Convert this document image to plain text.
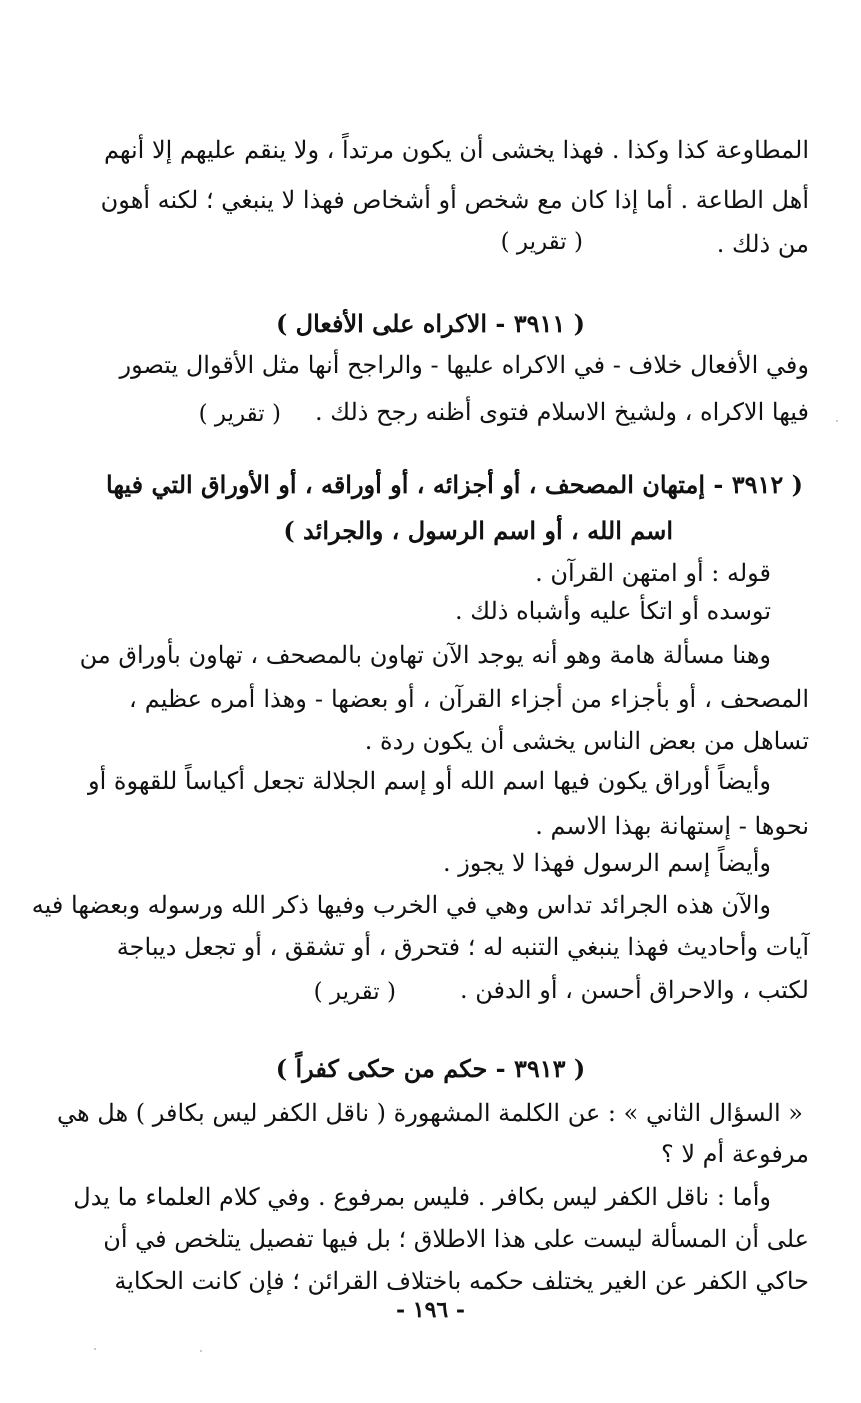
المطاوعة كذا وكذا . فهذا يخشى أن يكون مرتداً ، ولا ينقم عليهم إلا أنهم
أهل الطاعة . أما إذا كان مع شخص أو أشخاص فهذا لا ينبغي ؛ لكنه أهون
من ذلك .
( تقرير )
( ٣٩١١ - الاكراه على الأفعال )
وفي الأفعال خلاف - في الاكراه عليها - والراجح أنها مثل الأقوال يتصور
فيها الاكراه ، ولشيخ الاسلام فتوى أظنه رجح ذلك .
( تقرير )
( ٣٩١٢ - إمتهان المصحف ، أو أجزائه ، أو أوراقه ، أو الأوراق التي فيها
اسم الله ، أو اسم الرسول ، والجرائد )
قوله : أو امتهن القرآن .
توسده أو اتكأ عليه وأشباه ذلك .
وهنا مسألة هامة وهو أنه يوجد الآن تهاون بالمصحف ، تهاون بأوراق من
المصحف ، أو بأجزاء من أجزاء القرآن ، أو بعضها - وهذا أمره عظيم ،
تساهل من بعض الناس يخشى أن يكون ردة .
وأيضاً أوراق يكون فيها اسم الله أو إسم الجلالة تجعل أكياساً للقهوة أو
نحوها - إستهانة بهذا الاسم .
وأيضاً إسم الرسول فهذا لا يجوز .
والآن هذه الجرائد تداس وهي في الخرب وفيها ذكر الله ورسوله وبعضها فيه
آيات وأحاديث فهذا ينبغي التنبه له ؛ فتحرق ، أو تشقق ، أو تجعل ديباجة
لكتب ، والاحراق أحسن ، أو الدفن .
( تقرير )
( ٣٩١٣ - حكم من حكى كفراً )
« السؤال الثاني » : عن الكلمة المشهورة ( ناقل الكفر ليس بكافر ) هل هي
مرفوعة أم لا ؟
وأما : ناقل الكفر ليس بكافر . فليس بمرفوع . وفي كلام العلماء ما يدل
على أن المسألة ليست على هذا الاطلاق ؛ بل فيها تفصيل يتلخص في أن
حاكي الكفر عن الغير يختلف حكمه باختلاف القرائن ؛ فإن كانت الحكاية
- ١٩٦ -
